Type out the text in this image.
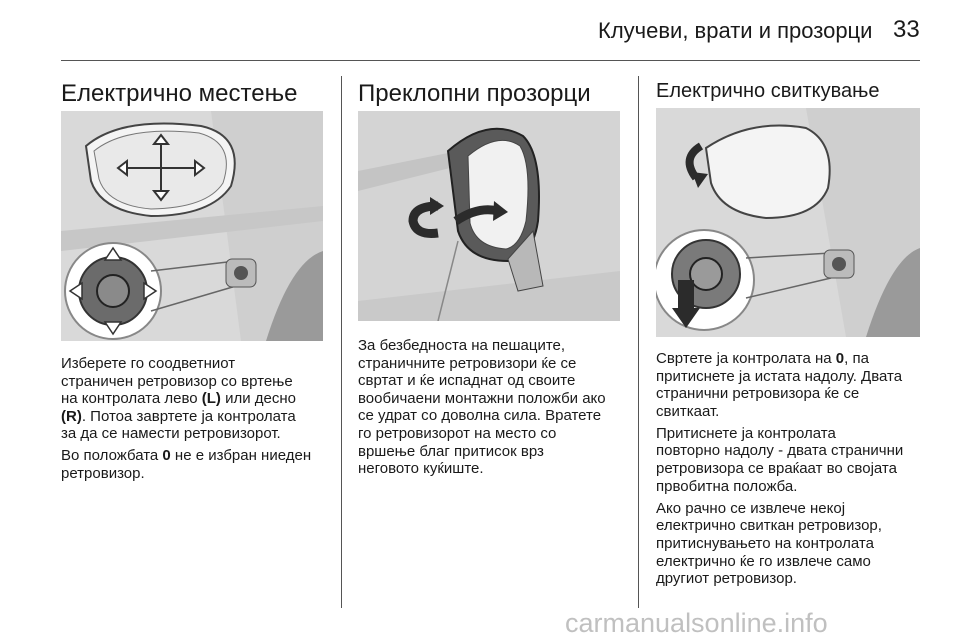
Клучеви, врати и прозорци 33
Електрично местење

Изберете го соодветниот
страничен ретровизор со вртење
на контролата лево (L) или десно
(R). Потоа завртете ја контролата
за да се намести ретровизорот.

Во положбата 0 не е избран ниеден
ретровизор.

Преклопни прозорци

За безбедноста на пешаците,
страничните ретровизори ќе се
свртат и ќе испаднат од своите
вообичаени монтажни положби ако
се удрат со доволна сила. Вратете
го ретровизорот на место со
вршење благ притисок врз
неговото куќиште.

Електрично свиткување

Свртете ја контролата на 0, па
притиснете ја истата надолу. Двата
странични ретровизора ќе се
свиткаат.

Притиснете ја контролата
повторно надолу - двата странични
ретровизора се враќаат во својата
првобитна положба.

Ако рачно се извлече некој
електрично свиткан ретровизор,
притиснувањето на контролата
електрично ќе го извлече само
другиот ретровизор.

carmanualsonline.info
